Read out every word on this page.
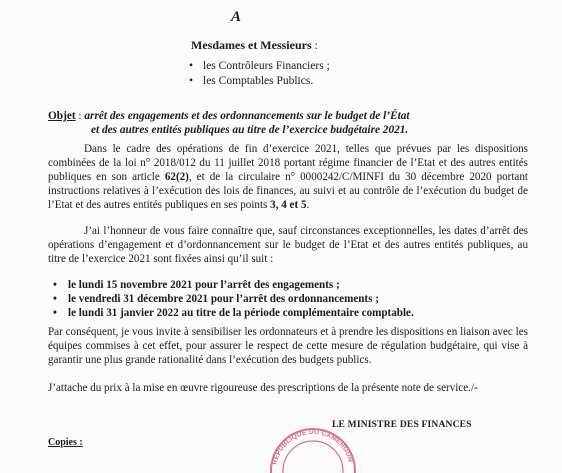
A
Mesdames et Messieurs :
• les Contrôleurs Financiers ;
• les Comptables Publics.
Objet : arrêt des engagements et des ordonnancements sur le budget de l’État
et des autres entités publiques au titre de l’exercice budgétaire 2021.
Dans le cadre des opérations de fin d’exercice 2021, telles que prévues par les dispositions combinées de la loi n° 2018/012 du 11 juillet 2018 portant régime financier de l’Etat et des autres entités publiques en son article 62(2), et de la circulaire n° 0000242/C/MINFI du 30 décembre 2020 portant instructions relatives à l’exécution des lois de finances, au suivi et au contrôle de l’exécution du budget de l’Etat et des autres entités publiques en ses points 3, 4 et 5.
J’ai l’honneur de vous faire connaître que, sauf circonstances exceptionnelles, les dates d’arrêt des opérations d’engagement et d’ordonnancement sur le budget de l’Etat et des autres entités publiques, au titre de l’exercice 2021 sont fixées ainsi qu’il suit :
• le lundi 15 novembre 2021 pour l’arrêt des engagements ;
• le vendredi 31 décembre 2021 pour l’arrêt des ordonnancements ;
• le lundi 31 janvier 2022 au titre de la période complémentaire comptable.
Par conséquent, je vous invite à sensibiliser les ordonnateurs et à prendre les dispositions en liaison avec les équipes commises à cet effet, pour assurer le respect de cette mesure de régulation budgétaire, qui vise à garantir une plus grande rationalité dans l’exécution des budgets publics.
J’attache du prix à la mise en œuvre rigoureuse des prescriptions de la présente note de service./-
REPUBLIQUE DU CAMEROUN
LE MINISTRE DES FINANCES
Copies :
